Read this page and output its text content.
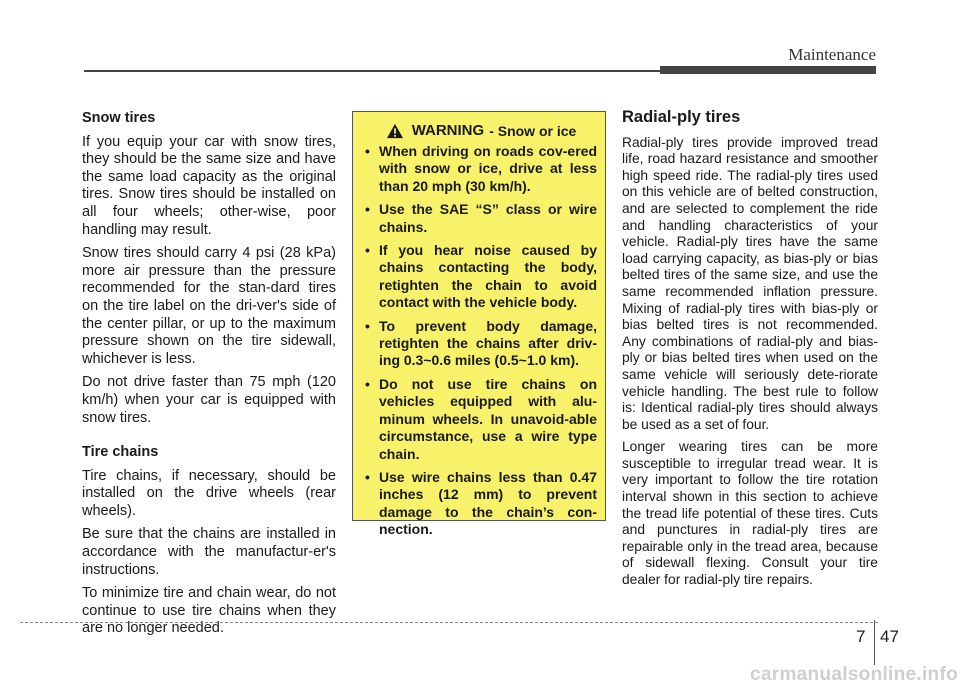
Maintenance
Snow tires

If you equip your car with snow tires, they should be the same size and have the same load capacity as the original tires. Snow tires should be installed on all four wheels; other-wise, poor handling may result.

Snow tires should carry 4 psi (28 kPa) more air pressure than the pressure recommended for the stan-dard tires on the tire label on the dri-ver's side of the center pillar, or up to the maximum pressure shown on the tire sidewall, whichever is less.

Do not drive faster than 75 mph (120 km/h) when your car is equipped with snow tires.

Tire chains

Tire chains, if necessary, should be installed on the drive wheels (rear wheels).

Be sure that the chains are installed in accordance with the manufactur-er's instructions.

To minimize tire and chain wear, do not continue to use tire chains when they are no longer needed.

WARNING - Snow or ice
• When driving on roads cov-ered with snow or ice, drive at less than 20 mph (30 km/h).
• Use the SAE “S” class or wire chains.
• If you hear noise caused by chains contacting the body, retighten the chain to avoid contact with the vehicle body.
• To prevent body damage, retighten the chains after driv-ing 0.3~0.6 miles (0.5~1.0 km).
• Do not use tire chains on vehicles equipped with alu-minum wheels. In unavoid-able circumstance, use a wire type chain.
• Use wire chains less than 0.47 inches (12 mm) to prevent damage to the chain’s con-nection.
Radial-ply tires

Radial-ply tires provide improved tread life, road hazard resistance and smoother high speed ride. The radial-ply tires used on this vehicle are of belted construction, and are selected to complement the ride and handling characteristics of your vehicle. Radial-ply tires have the same load carrying capacity, as bias-ply or bias belted tires of the same size, and use the same recommended inflation pressure. Mixing of radial-ply tires with bias-ply or bias belted tires is not recommended. Any combinations of radial-ply and bias-ply or bias belted tires when used on the same vehicle will seriously dete-riorate vehicle handling. The best rule to follow is: Identical radial-ply tires should always be used as a set of four.

Longer wearing tires can be more susceptible to irregular tread wear. It is very important to follow the tire rotation interval shown in this section to achieve the tread life potential of these tires. Cuts and punctures in radial-ply tires are repairable only in the tread area, because of sidewall flexing. Consult your tire dealer for radial-ply tire repairs.

7 47
carmanualsonline.info
